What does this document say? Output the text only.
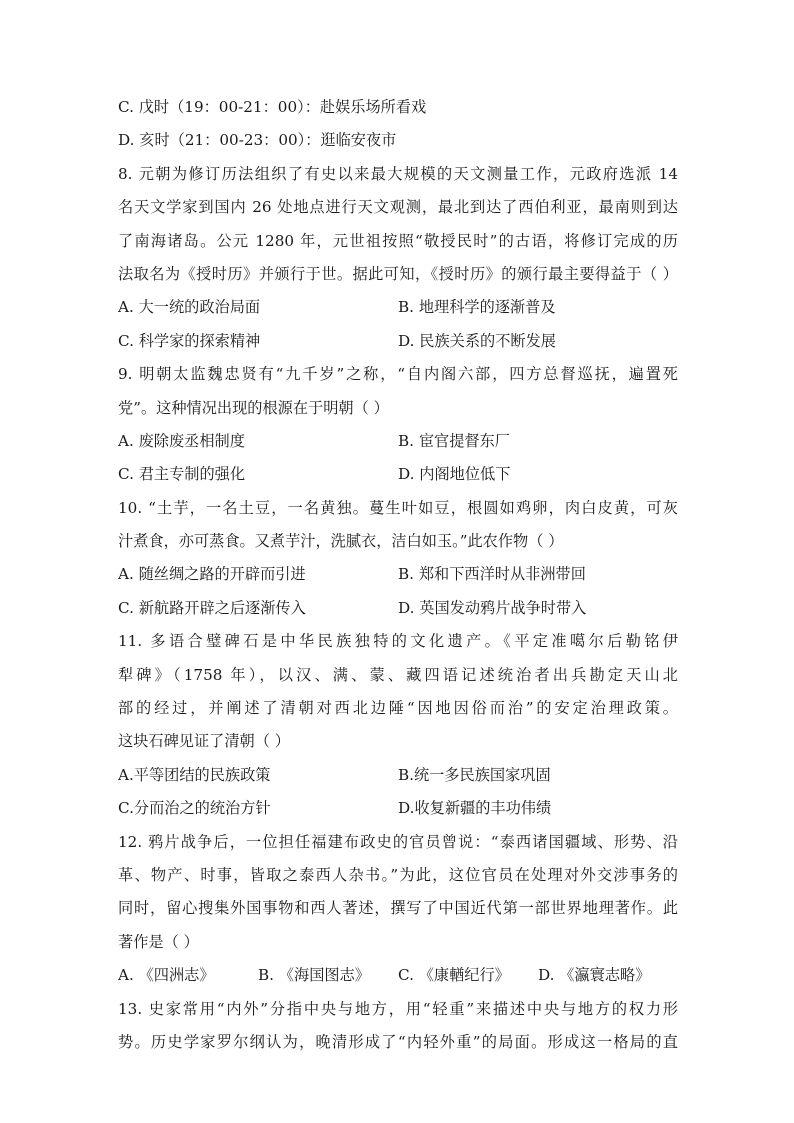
C. 戊时（19：00-21：00）：赴娱乐场所看戏
D. 亥时（21：00-23：00）：逛临安夜市
8. 元朝为修订历法组织了有史以来最大规模的天文测量工作，元政府选派 14
名天文学家到国内 26 处地点进行天文观测，最北到达了西伯利亚，最南则到达
了南海诸岛。公元 1280 年，元世祖按照“敬授民时”的古语，将修订完成的历
法取名为《授时历》并颁行于世。据此可知，《授时历》的颁行最主要得益于（ ）
A. 大一统的政治局面	B. 地理科学的逐渐普及
C. 科学家的探索精神	D. 民族关系的不断发展
9. 明朝太监魏忠贤有“九千岁”之称，“自内阁六部，四方总督巡抚，遍置死
党”。这种情况出现的根源在于明朝（ ）
A. 废除废丞相制度	B. 宦官提督东厂
C. 君主专制的强化	D. 内阁地位低下
10. “土芋，一名土豆，一名黄独。蔓生叶如豆，根圆如鸡卵，肉白皮黄，可灰
汁煮食，亦可蒸食。又煮芋汁，洗腻衣，洁白如玉。”此农作物（ ）
A. 随丝绸之路的开辟而引进	B. 郑和下西洋时从非洲带回
C. 新航路开辟之后逐渐传入	D. 英国发动鸦片战争时带入
11. 多语合璧碑石是中华民族独特的文化遗产。《平定准噶尔后勒铭伊
犁碑》（1758 年），以汉、满、蒙、藏四语记述统治者出兵勘定天山北
部的经过，并阐述了清朝对西北边陲“因地因俗而治”的安定治理政策。
这块石碑见证了清朝（ ）
A.平等团结的民族政策	B.统一多民族国家巩固
C.分而治之的统治方针	D.收复新疆的丰功伟绩
12. 鸦片战争后，一位担任福建布政史的官员曾说：“泰西诸国疆域、形势、沿
革、物产、时事，皆取之泰西人杂书。”为此，这位官员在处理对外交涉事务的
同时，留心搜集外国事物和西人著述，撰写了中国近代第一部世界地理著作。此
著作是（ ）
A. 《四洲志》	B. 《海国图志》 C. 《康輶纪行》 D. 《瀛寰志略》
13. 史家常用“内外”分指中央与地方，用“轻重”来描述中央与地方的权力形
势。历史学家罗尔纲认为，晚清形成了“内轻外重”的局面。形成这一格局的直
